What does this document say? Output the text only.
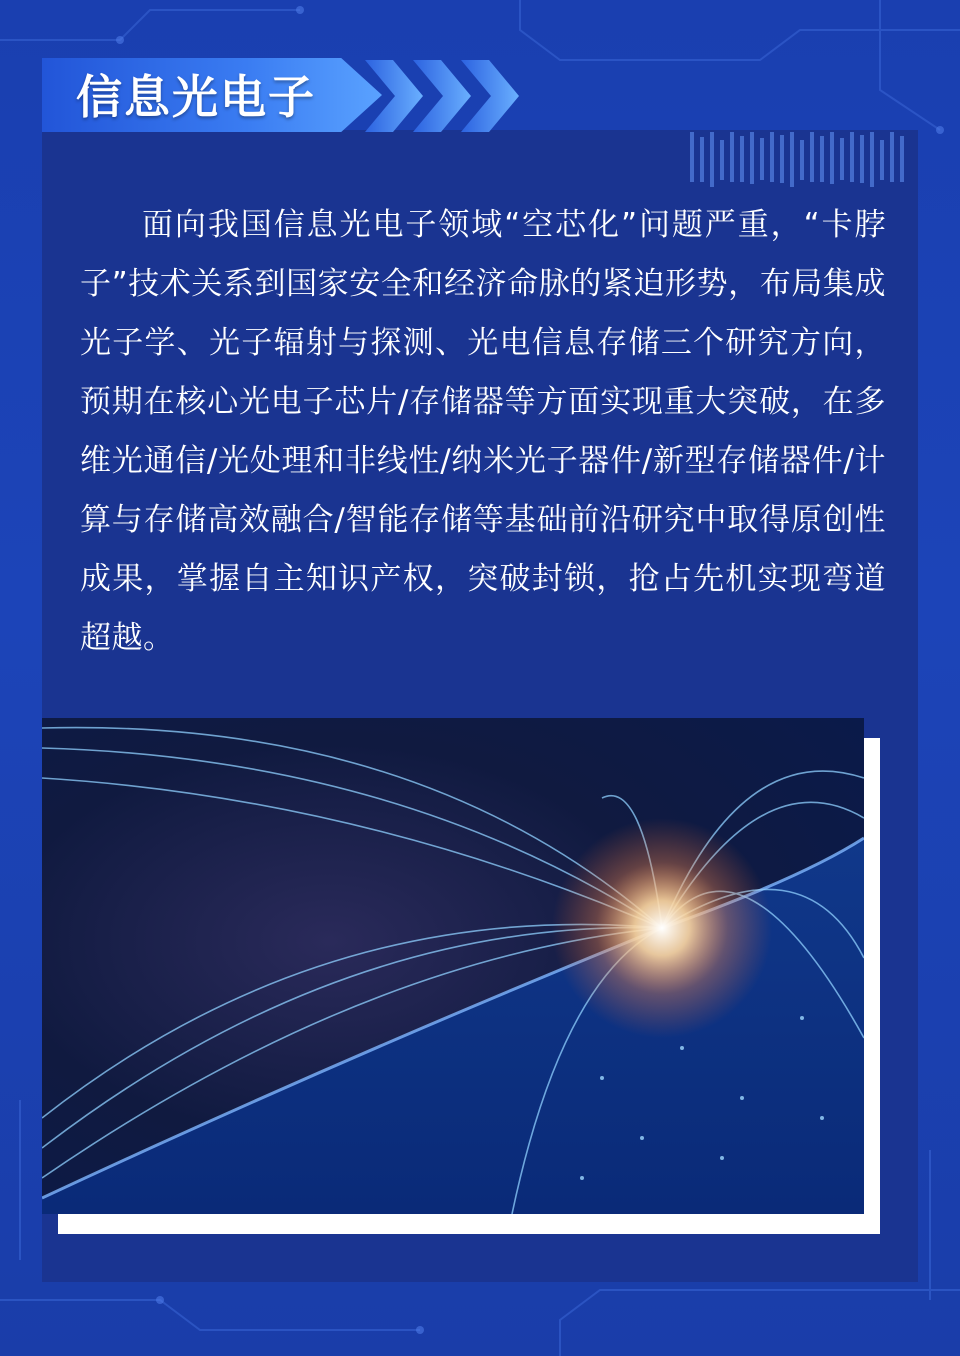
信息光电子
面向我国信息光电子领域“空芯化”问题严重，“卡脖子”技术关系到国家安全和经济命脉的紧迫形势，布局集成光子学、光子辐射与探测、光电信息存储三个研究方向，预期在核心光电子芯片/存储器等方面实现重大突破，在多维光通信/光处理和非线性/纳米光子器件/新型存储器件/计算与存储高效融合/智能存储等基础前沿研究中取得原创性成果，掌握自主知识产权，突破封锁，抢占先机实现弯道超越。
